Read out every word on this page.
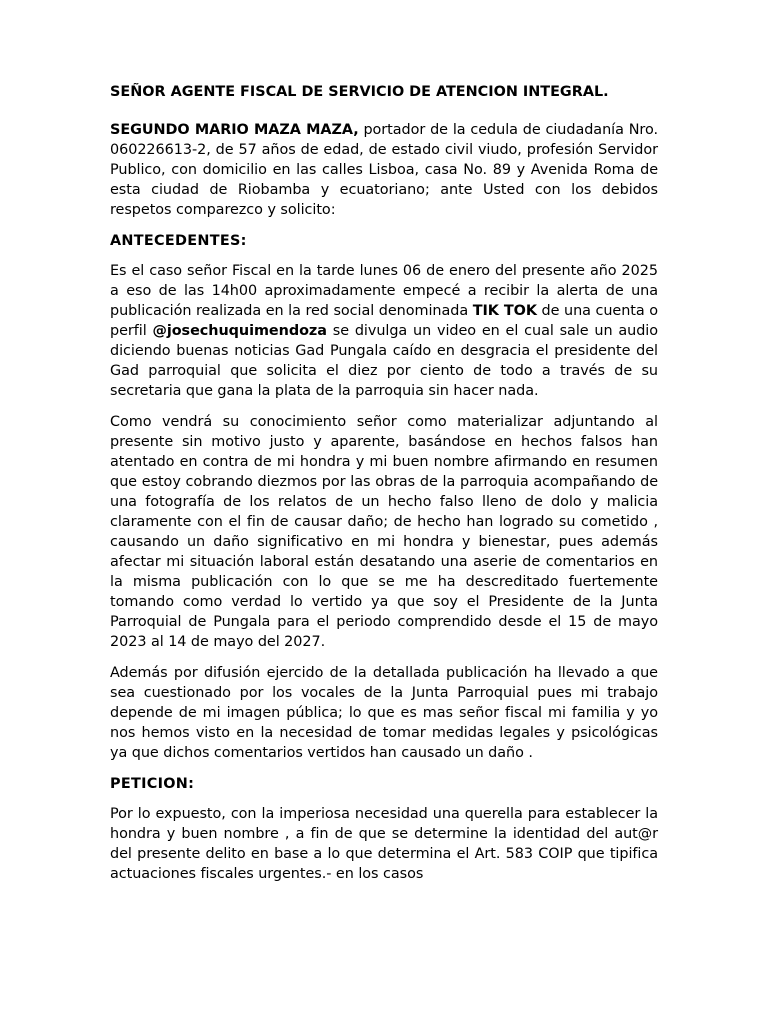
SEÑOR AGENTE FISCAL DE SERVICIO DE ATENCION INTEGRAL.

SEGUNDO MARIO MAZA MAZA, portador de la cedula de ciudadanía Nro. 060226613-2, de 57 años de edad, de estado civil viudo, profesión Servidor Publico, con domicilio en las calles Lisboa, casa No. 89 y Avenida Roma de esta ciudad de Riobamba y ecuatoriano; ante Usted con los debidos respetos comparezco y solicito:

ANTECEDENTES:

Es el caso señor Fiscal en la tarde lunes 06 de enero del presente año 2025 a eso de las 14h00 aproximadamente empecé a recibir la alerta de una publicación realizada en la red social denominada TIK TOK de una cuenta o perfil @josechuquimendoza se divulga un video en el cual sale un audio diciendo buenas noticias Gad Pungala caído en desgracia el presidente del Gad parroquial que solicita el diez por ciento de todo a través de su secretaria que gana la plata de la parroquia sin hacer nada.

Como vendrá su conocimiento señor como materializar adjuntando al presente sin motivo justo y aparente, basándose en hechos falsos han atentado en contra de mi hondra y mi buen nombre afirmando en resumen que estoy cobrando diezmos por las obras de la parroquia acompañando de una fotografía de los relatos de un hecho falso lleno de dolo y malicia claramente con el fin de causar daño; de hecho han logrado su cometido , causando un daño significativo en mi hondra y bienestar, pues además afectar mi situación laboral están desatando una aserie de comentarios en la misma publicación con lo que se me ha descreditado fuertemente tomando como verdad lo vertido ya que soy el Presidente de la Junta Parroquial de Pungala para el periodo comprendido desde el 15 de mayo 2023 al 14 de mayo del 2027.

Además por difusión ejercido de la detallada publicación ha llevado a que sea cuestionado por los vocales de la Junta Parroquial pues mi trabajo depende de mi imagen pública; lo que es mas señor fiscal mi familia y yo nos hemos visto en la necesidad de tomar medidas legales y psicológicas ya que dichos comentarios vertidos han causado un daño .

PETICION:

Por lo expuesto, con la imperiosa necesidad una querella para establecer la hondra y buen nombre , a fin de que se determine la identidad del aut@r del presente delito en base a lo que determina el Art. 583 COIP que tipifica actuaciones fiscales urgentes.- en los casos
